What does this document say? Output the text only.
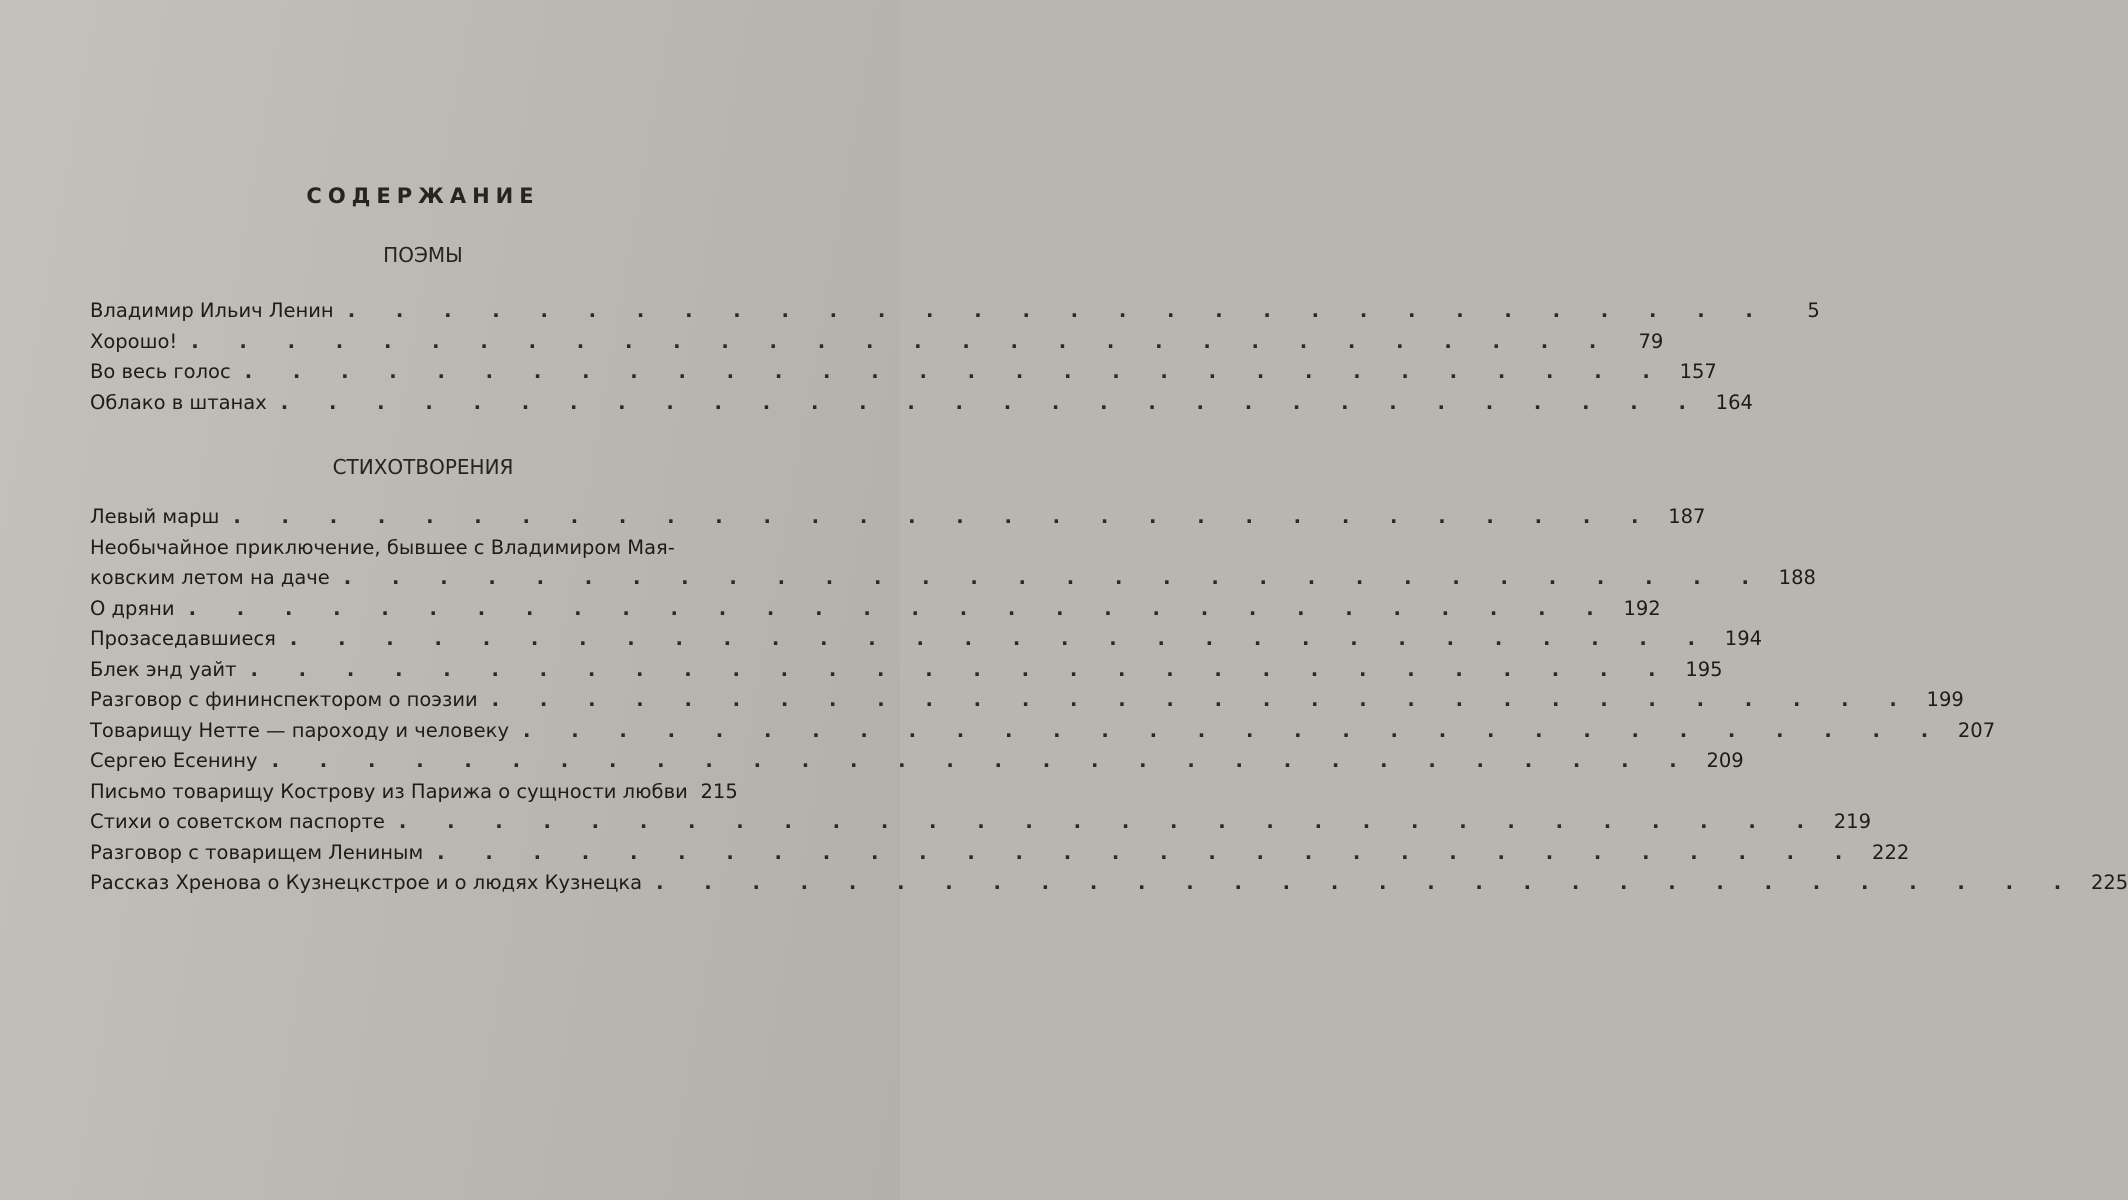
СОДЕРЖАНИЕ
ПОЭМЫ
Владимир Ильич Ленин . . . . . . . . . . . . . . . . . . . . . . . . . . . . . .	5
Хорошо! . . . . . . . . . . . . . . . . . . . . . . . . . . . . . .	79
Во весь голос . . . . . . . . . . . . . . . . . . . . . . . . . . . . . . 157
Облако в штанах . . . . . . . . . . . . . . . . . . . . . . . . . . . . . . 164
СТИХОТВОРЕНИЯ
Левый марш . . . . . . . . . . . . . . . . . . . . . . . . . . . . . . 187
Необычайное приключение, бывшее с Владимиром Мая-
ковским летом на даче . . . . . . . . . . . . . . . . . . . . . . . . . . . . . . 188
О дряни . . . . . . . . . . . . . . . . . . . . . . . . . . . . . . 192
Прозаседавшиеся . . . . . . . . . . . . . . . . . . . . . . . . . . . . . . 194
Блек энд уайт . . . . . . . . . . . . . . . . . . . . . . . . . . . . . . 195
Разговор с фининспектором о поэзии . . . . . . . . . . . . . . . . . . . . . . . . . . . . . . 199
Товарищу Нетте — пароходу и человеку . . . . . . . . . . . . . . . . . . . . . . . . . . . . . . 207
Сергею Есенину . . . . . . . . . . . . . . . . . . . . . . . . . . . . . . 209
Письмо товарищу Кострову из Парижа о сущности любви 215
Стихи о советском паспорте . . . . . . . . . . . . . . . . . . . . . . . . . . . . . . 219
Разговор с товарищем Лениным . . . . . . . . . . . . . . . . . . . . . . . . . . . . . . 222
Рассказ Хренова о Кузнецкстрое и о людях Кузнецка . . . . . . . . . . . . . . . . . . . . . . . . . . . . . . 225
